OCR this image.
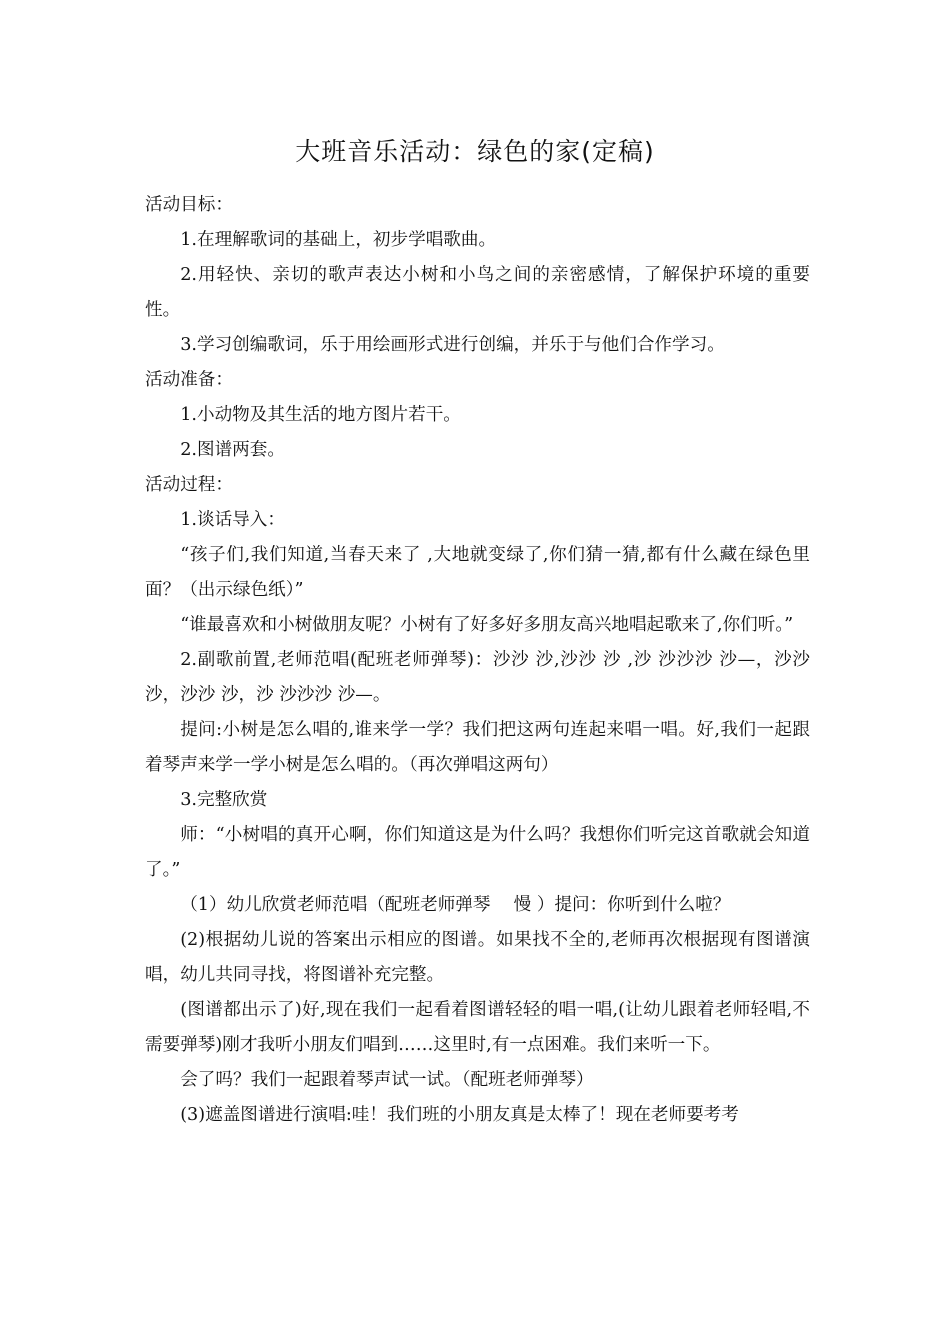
大班音乐活动：绿色的家(定稿)

活动目标：

1.在理解歌词的基础上，初步学唱歌曲。

2.用轻快、亲切的歌声表达小树和小鸟之间的亲密感情，了解保护环境的重要性。

3.学习创编歌词，乐于用绘画形式进行创编，并乐于与他们合作学习。

活动准备：

1.小动物及其生活的地方图片若干。

2.图谱两套。

活动过程：

1.谈话导入：

“孩子们,我们知道,当春天来了 ,大地就变绿了,你们猜一猜,都有什么藏在绿色里面？（出示绿色纸）”

“谁最喜欢和小树做朋友呢？小树有了好多好多朋友高兴地唱起歌来了,你们听。”

2.副歌前置,老师范唱(配班老师弹琴)：沙沙 沙,沙沙 沙 ,沙 沙沙沙 沙—，沙沙 沙，沙沙 沙，沙 沙沙沙 沙—。

提问:小树是怎么唱的,谁来学一学？我们把这两句连起来唱一唱。好,我们一起跟着琴声来学一学小树是怎么唱的。（再次弹唱这两句）

3.完整欣赏

师：“小树唱的真开心啊，你们知道这是为什么吗？我想你们听完这首歌就会知道了。”

（1）幼儿欣赏老师范唱（配班老师弹琴　 慢 ）提问：你听到什么啦？

(2)根据幼儿说的答案出示相应的图谱。如果找不全的,老师再次根据现有图谱演唱，幼儿共同寻找，将图谱补充完整。

(图谱都出示了)好,现在我们一起看着图谱轻轻的唱一唱,(让幼儿跟着老师轻唱,不需要弹琴)刚才我听小朋友们唱到……这里时,有一点困难。我们来听一下。

会了吗？我们一起跟着琴声试一试。（配班老师弹琴）

(3)遮盖图谱进行演唱:哇！我们班的小朋友真是太棒了！现在老师要考考
